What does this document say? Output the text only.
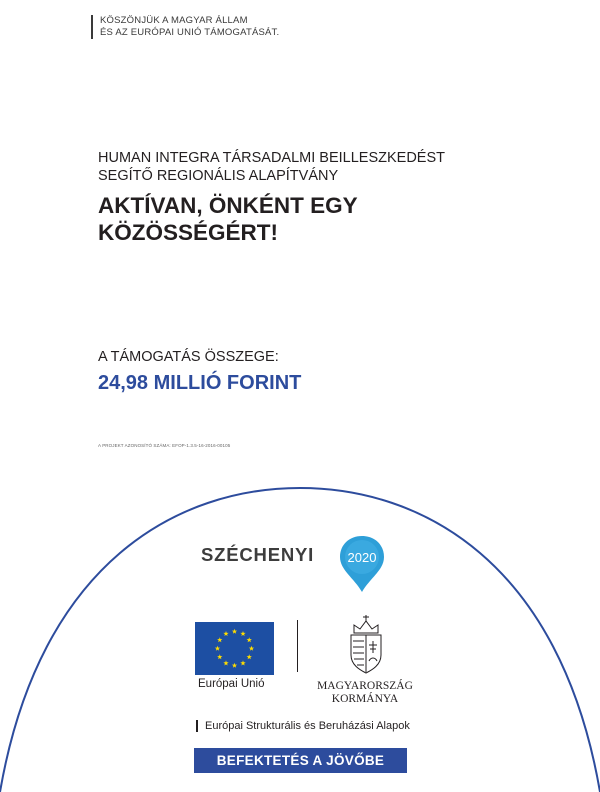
KÖSZÖNJÜK A MAGYAR ÁLLAM
ÉS AZ EURÓPAI UNIÓ TÁMOGATÁSÁT.
HUMAN INTEGRA TÁRSADALMI BEILLESZKEDÉST
SEGÍTŐ REGIONÁLIS ALAPÍTVÁNY
AKTÍVAN, ÖNKÉNT EGY
KÖZÖSSÉGÉRT!
A TÁMOGATÁS ÖSSZEGE:
24,98 MILLIÓ FORINT
A PROJEKT AZONOSÍTÓ SZÁMA: EFOP-1.3.5-16-2016-00105
SZÉCHENYI	2020
Európai Unió	MAGYARORSZÁG
KORMÁNYA
Európai Strukturális és Beruházási Alapok
BEFEKTETÉS A JÖVŐBE
